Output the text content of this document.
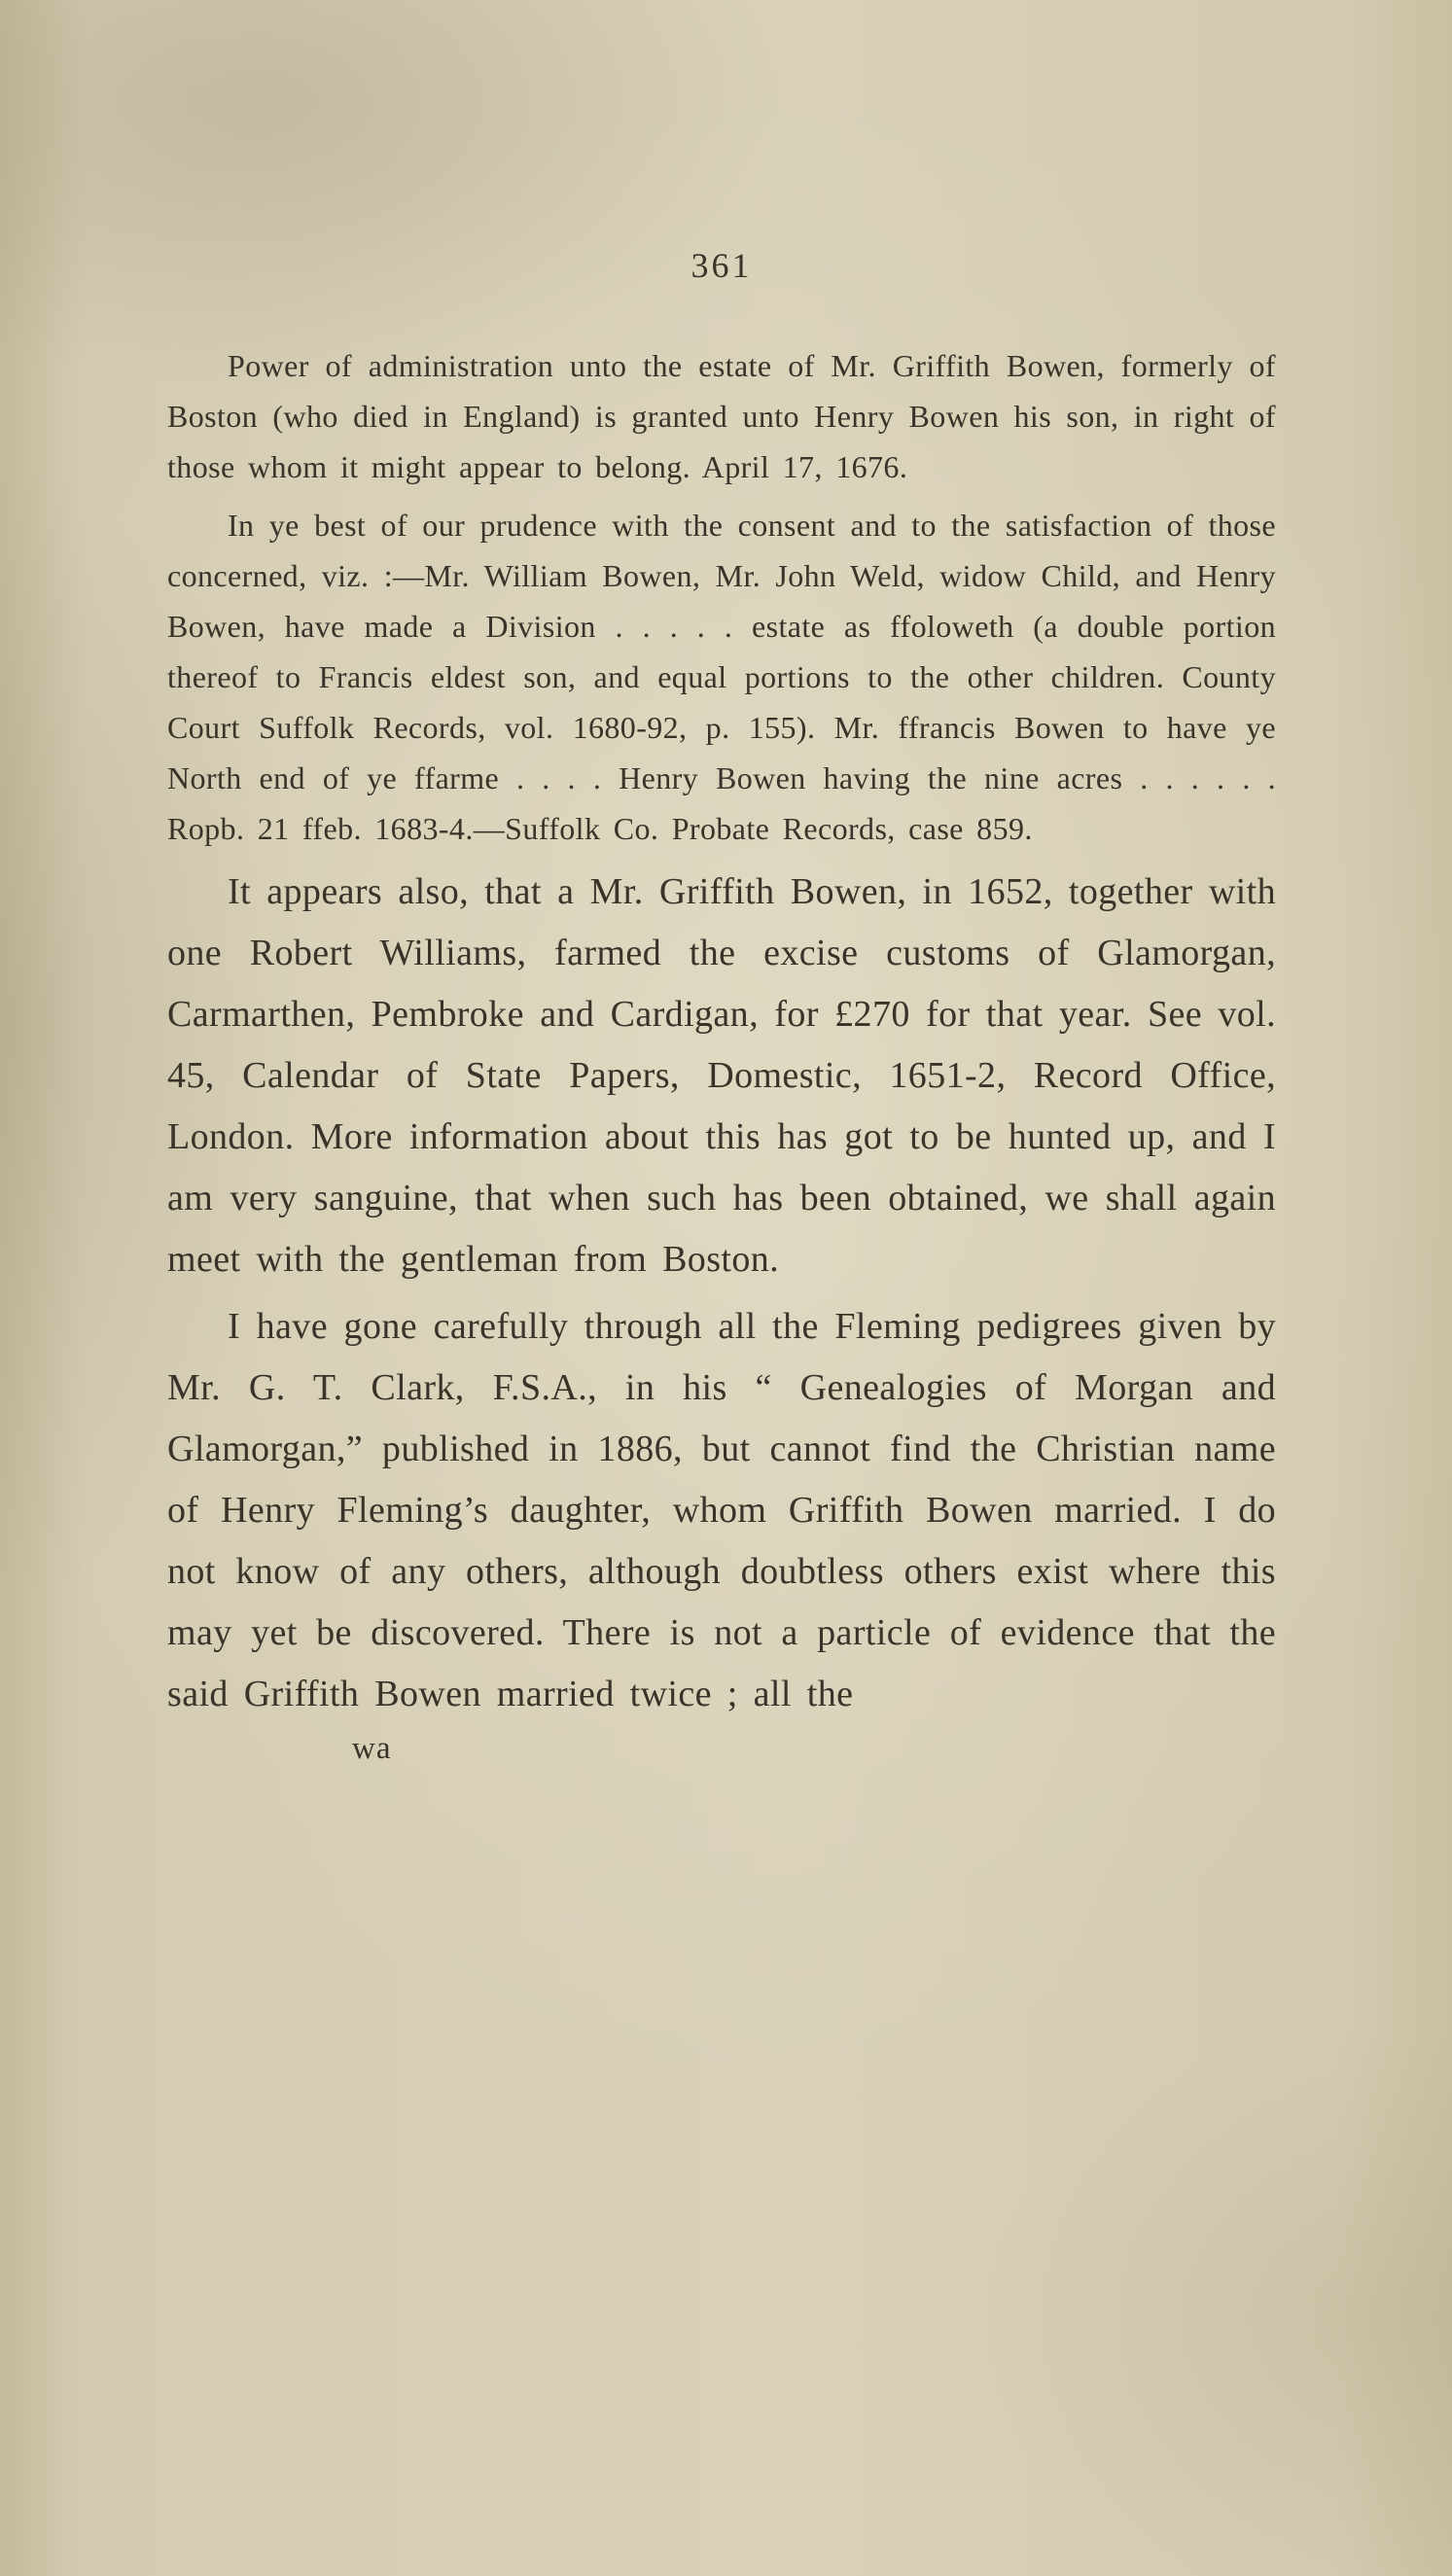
361

Power of administration unto the estate of Mr. Griffith Bowen, formerly of Boston (who died in England) is granted unto Henry Bowen his son, in right of those whom it might appear to belong. April 17, 1676.

In ye best of our prudence with the consent and to the satisfaction of those concerned, viz. :—Mr. William Bowen, Mr. John Weld, widow Child, and Henry Bowen, have made a Division . . . . . estate as ffoloweth (a double portion thereof to Francis eldest son, and equal portions to the other children. County Court Suffolk Records, vol. 1680-92, p. 155). Mr. ffrancis Bowen to have ye North end of ye ffarme . . . . Henry Bowen having the nine acres . . . . . . Ropb. 21 ffeb. 1683-4.—Suffolk Co. Probate Records, case 859.

It appears also, that a Mr. Griffith Bowen, in 1652, together with one Robert Williams, farmed the excise customs of Glamorgan, Carmarthen, Pembroke and Cardigan, for £270 for that year. See vol. 45, Calendar of State Papers, Domestic, 1651-2, Record Office, London. More information about this has got to be hunted up, and I am very sanguine, that when such has been obtained, we shall again meet with the gentleman from Boston.

I have gone carefully through all the Fleming pedigrees given by Mr. G. T. Clark, F.S.A., in his “ Genealogies of Morgan and Glamorgan,” published in 1886, but cannot find the Christian name of Henry Fleming’s daughter, whom Griffith Bowen married. I do not know of any others, although doubtless others exist where this may yet be discovered. There is not a particle of evidence that the said Griffith Bowen married twice ; all the

wa
